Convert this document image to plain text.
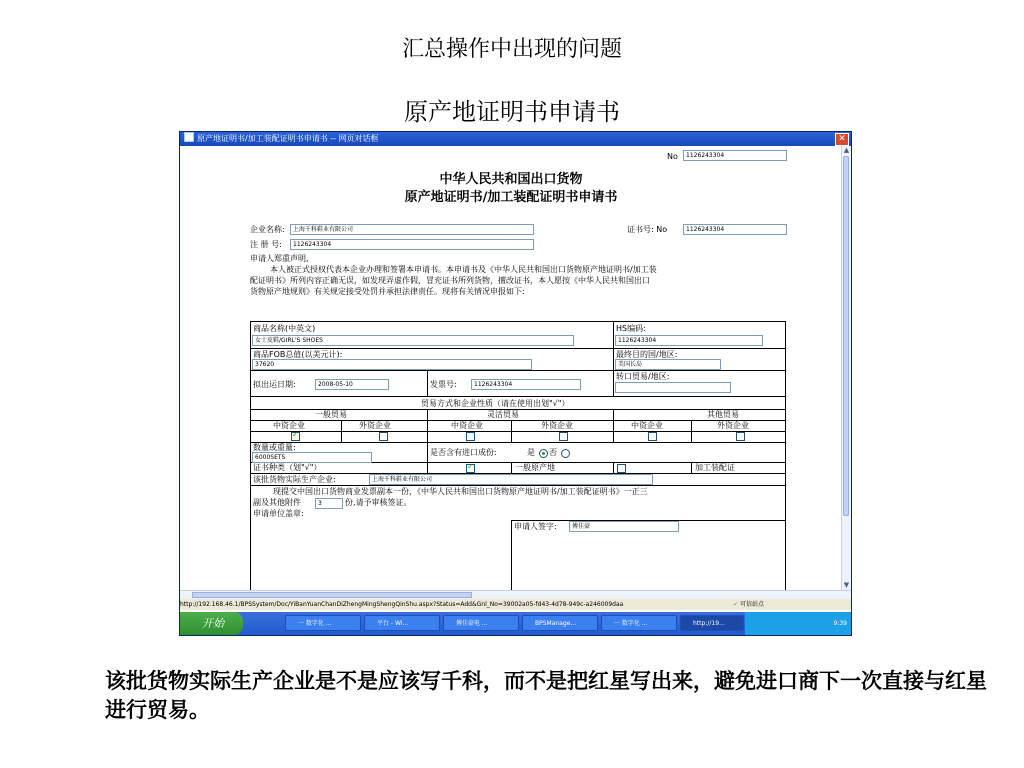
汇总操作中出现的问题
原产地证明书申请书
原产地证明书/加工装配证明书申请书 -- 网页对话框	✕
No	1126243304
中华人民共和国出口货物
原产地证明书/加工装配证明书申请书
企业名称:	上海千科鞋业有限公司	证书号: No	1126243304
注 册 号:	1126243304
申请人郑重声明,
本人被正式授权代表本企业办理和签署本申请书。本申请书及《中华人民共和国出口货物原产地证明书/加工装
配证明书》所列内容正确无误，如发现弄虚作假，冒充证书所列货物，擅改证书，本人愿按《中华人民共和国出口
货物原产地规则》有关规定接受处罚并承担法律责任。现将有关情况申报如下:
商品名称(中英文)
女士皮鞋/GIRL'S SHOES
HS编码:
1126243304
商品FOB总值(以美元计):
37620
最终目的国/地区:
美国长岛
拟出运日期:	2008-05-10	发票号:	1126243304
转口贸易/地区:
贸易方式和企业性质（请在使用出划"√"）
一般贸易	灵活贸易	其他贸易
中资企业	外资企业	中资企业	外资企业	中资企业	外资企业
✓
数量或重量:
6000SETS
是否含有进口成份:	是 否
证书种类（划"√"）
✓	一般原产地	加工装配证
该批货物实际生产企业:	上海千科鞋业有限公司
现提交中国出口货物商业发票副本一份，《中华人民共和国出口货物原产地证明书/加工装配证明书》一正三
副及其他附件	3	份,请予审核签证。
申请单位盖章:
申请人签字:	傅佳豪
▲
▼
http://192.168.46.1/BPSSystem/Doc/YiBanYuanChanDiZhengMingShengQinShu.aspx?Status=Add&Gnl_No=39002a05-fd43-4d78-949c-a246009daa	✓ 可信站点
开始	一 数字化 ...	平台 - Wi...	傅佳豪电 ...	BPSManage...	一 数字化 ...	http://19...	9:39
该批货物实际生产企业是不是应该写千科，而不是把红星写出来，避免进口商下一次直接与红星进行贸易。
